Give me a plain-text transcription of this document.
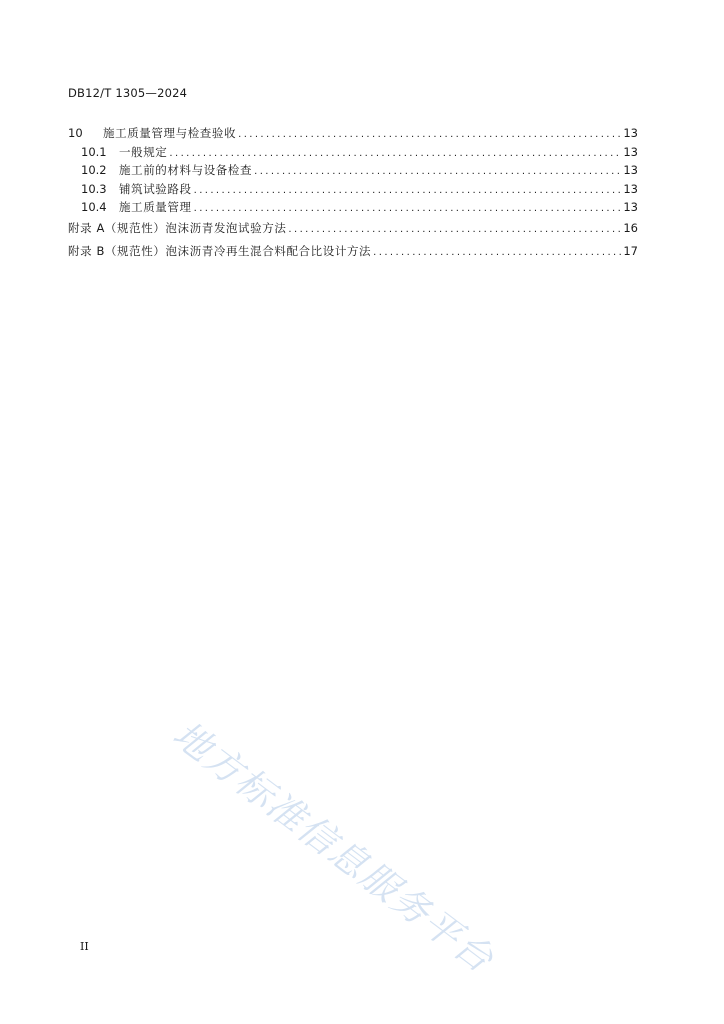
DB12/T 1305—2024
10	施工质量管理与检查验收 .....	13
10.1	一般规定 .....	13
10.2	施工前的材料与设备检查 .....	13
10.3	铺筑试验路段 .....	13
10.4	施工质量管理 .....	13
附录 A（规范性） 泡沫沥青发泡试验方法 .....	16
附录 B（规范性） 泡沫沥青冷再生混合料配合比设计方法 .....	17
地方标准信息服务平台
II
